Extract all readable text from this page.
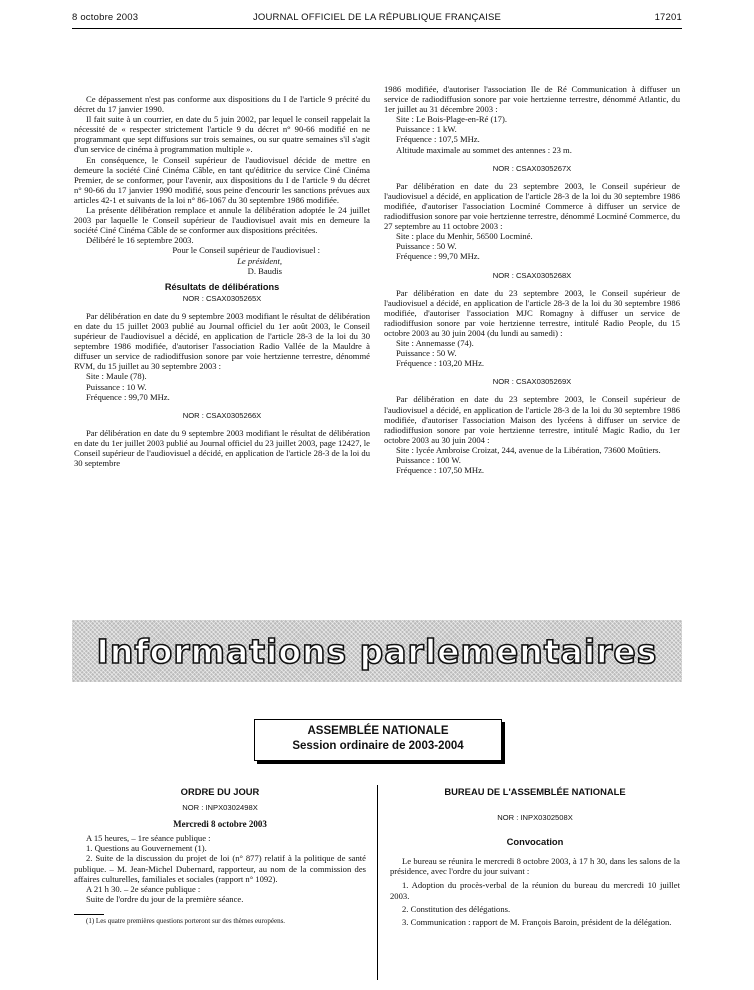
8 octobre 2003	JOURNAL OFFICIEL DE LA RÉPUBLIQUE FRANÇAISE	17201

Ce dépassement n'est pas conforme aux dispositions du I de l'article 9 précité du décret du 17 janvier 1990.

Il fait suite à un courrier, en date du 5 juin 2002, par lequel le conseil rappelait la nécessité de « respecter strictement l'article 9 du décret n° 90-66 modifié en ne programmant que sept diffusions sur trois semaines, ou sur quatre semaines s'il s'agit d'un service de cinéma à programmation multiple ».

En conséquence, le Conseil supérieur de l'audiovisuel décide de mettre en demeure la société Ciné Cinéma Câble, en tant qu'éditrice du service Ciné Cinéma Premier, de se conformer, pour l'avenir, aux dispositions du I de l'article 9 du décret n° 90-66 du 17 janvier 1990 modifié, sous peine d'encourir les sanctions prévues aux articles 42-1 et suivants de la loi n° 86-1067 du 30 septembre 1986 modifiée.

La présente délibération remplace et annule la délibération adoptée le 24 juillet 2003 par laquelle le Conseil supérieur de l'audiovisuel avait mis en demeure la société Ciné Cinéma Câble de se conformer aux dispositions précitées.

Délibéré le 16 septembre 2003.

Pour le Conseil supérieur de l'audiovisuel :

Le président,

D. Baudis

Résultats de délibérations
NOR : CSAX0305265X

Par délibération en date du 9 septembre 2003 modifiant le résultat de délibération en date du 15 juillet 2003 publié au Journal officiel du 1er août 2003, le Conseil supérieur de l'audiovisuel a décidé, en application de l'article 28-3 de la loi du 30 septembre 1986 modifiée, d'autoriser l'association Radio Vallée de la Mauldre à diffuser un service de radiodiffusion sonore par voie hertzienne terrestre, dénommé RVM, du 15 juillet au 30 septembre 2003 :

Site : Maule (78).

Puissance : 10 W.

Fréquence : 99,70 MHz.

NOR : CSAX0305266X

Par délibération en date du 9 septembre 2003 modifiant le résultat de délibération en date du 1er juillet 2003 publié au Journal officiel du 23 juillet 2003, page 12427, le Conseil supérieur de l'audiovisuel a décidé, en application de l'article 28-3 de la loi du 30 septembre

1986 modifiée, d'autoriser l'association Ile de Ré Communication à diffuser un service de radiodiffusion sonore par voie hertzienne terrestre, dénommé Atlantic, du 1er juillet au 31 décembre 2003 :

Site : Le Bois-Plage-en-Ré (17).

Puissance : 1 kW.

Fréquence : 107,5 MHz.

Altitude maximale au sommet des antennes : 23 m.

NOR : CSAX0305267X

Par délibération en date du 23 septembre 2003, le Conseil supérieur de l'audiovisuel a décidé, en application de l'article 28-3 de la loi du 30 septembre 1986 modifiée, d'autoriser l'association Locminé Commerce à diffuser un service de radiodiffusion sonore par voie hertzienne terrestre, dénommé Locminé Commerce, du 27 septembre au 11 octobre 2003 :

Site : place du Menhir, 56500 Locminé.

Puissance : 50 W.

Fréquence : 99,70 MHz.

NOR : CSAX0305268X

Par délibération en date du 23 septembre 2003, le Conseil supérieur de l'audiovisuel a décidé, en application de l'article 28-3 de la loi du 30 septembre 1986 modifiée, d'autoriser l'association MJC Romagny à diffuser un service de radiodiffusion sonore par voie hertzienne terrestre, intitulé Radio People, du 15 octobre 2003 au 30 juin 2004 (du lundi au samedi) :

Site : Annemasse (74).

Puissance : 50 W.

Fréquence : 103,20 MHz.

NOR : CSAX0305269X

Par délibération en date du 23 septembre 2003, le Conseil supérieur de l'audiovisuel a décidé, en application de l'article 28-3 de la loi du 30 septembre 1986 modifiée, d'autoriser l'association Maison des lycéens à diffuser un service de radiodiffusion sonore par voie hertzienne terrestre, intitulé Magic Radio, du 1er octobre 2003 au 30 juin 2004 :

Site : lycée Ambroise Croizat, 244, avenue de la Libération, 73600 Moûtiers.

Puissance : 100 W.

Fréquence : 107,50 MHz.

Informations parlementaires
ASSEMBLÉE NATIONALE
Session ordinaire de 2003-2004
ORDRE DU JOUR
NOR : INPX0302498X
Mercredi 8 octobre 2003

A 15 heures, – 1re séance publique :

1. Questions au Gouvernement (1).

2. Suite de la discussion du projet de loi (n° 877) relatif à la politique de santé publique. – M. Jean-Michel Dubernard, rapporteur, au nom de la commission des affaires culturelles, familiales et sociales (rapport n° 1092).

A 21 h 30. – 2e séance publique :

Suite de l'ordre du jour de la première séance.

(1) Les quatre premières questions porteront sur des thèmes européens.

BUREAU DE L'ASSEMBLÉE NATIONALE
NOR : INPX0302508X
Convocation

Le bureau se réunira le mercredi 8 octobre 2003, à 17 h 30, dans les salons de la présidence, avec l'ordre du jour suivant :

1. Adoption du procès-verbal de la réunion du bureau du mercredi 10 juillet 2003.

2. Constitution des délégations.

3. Communication : rapport de M. François Baroin, président de la délégation.
